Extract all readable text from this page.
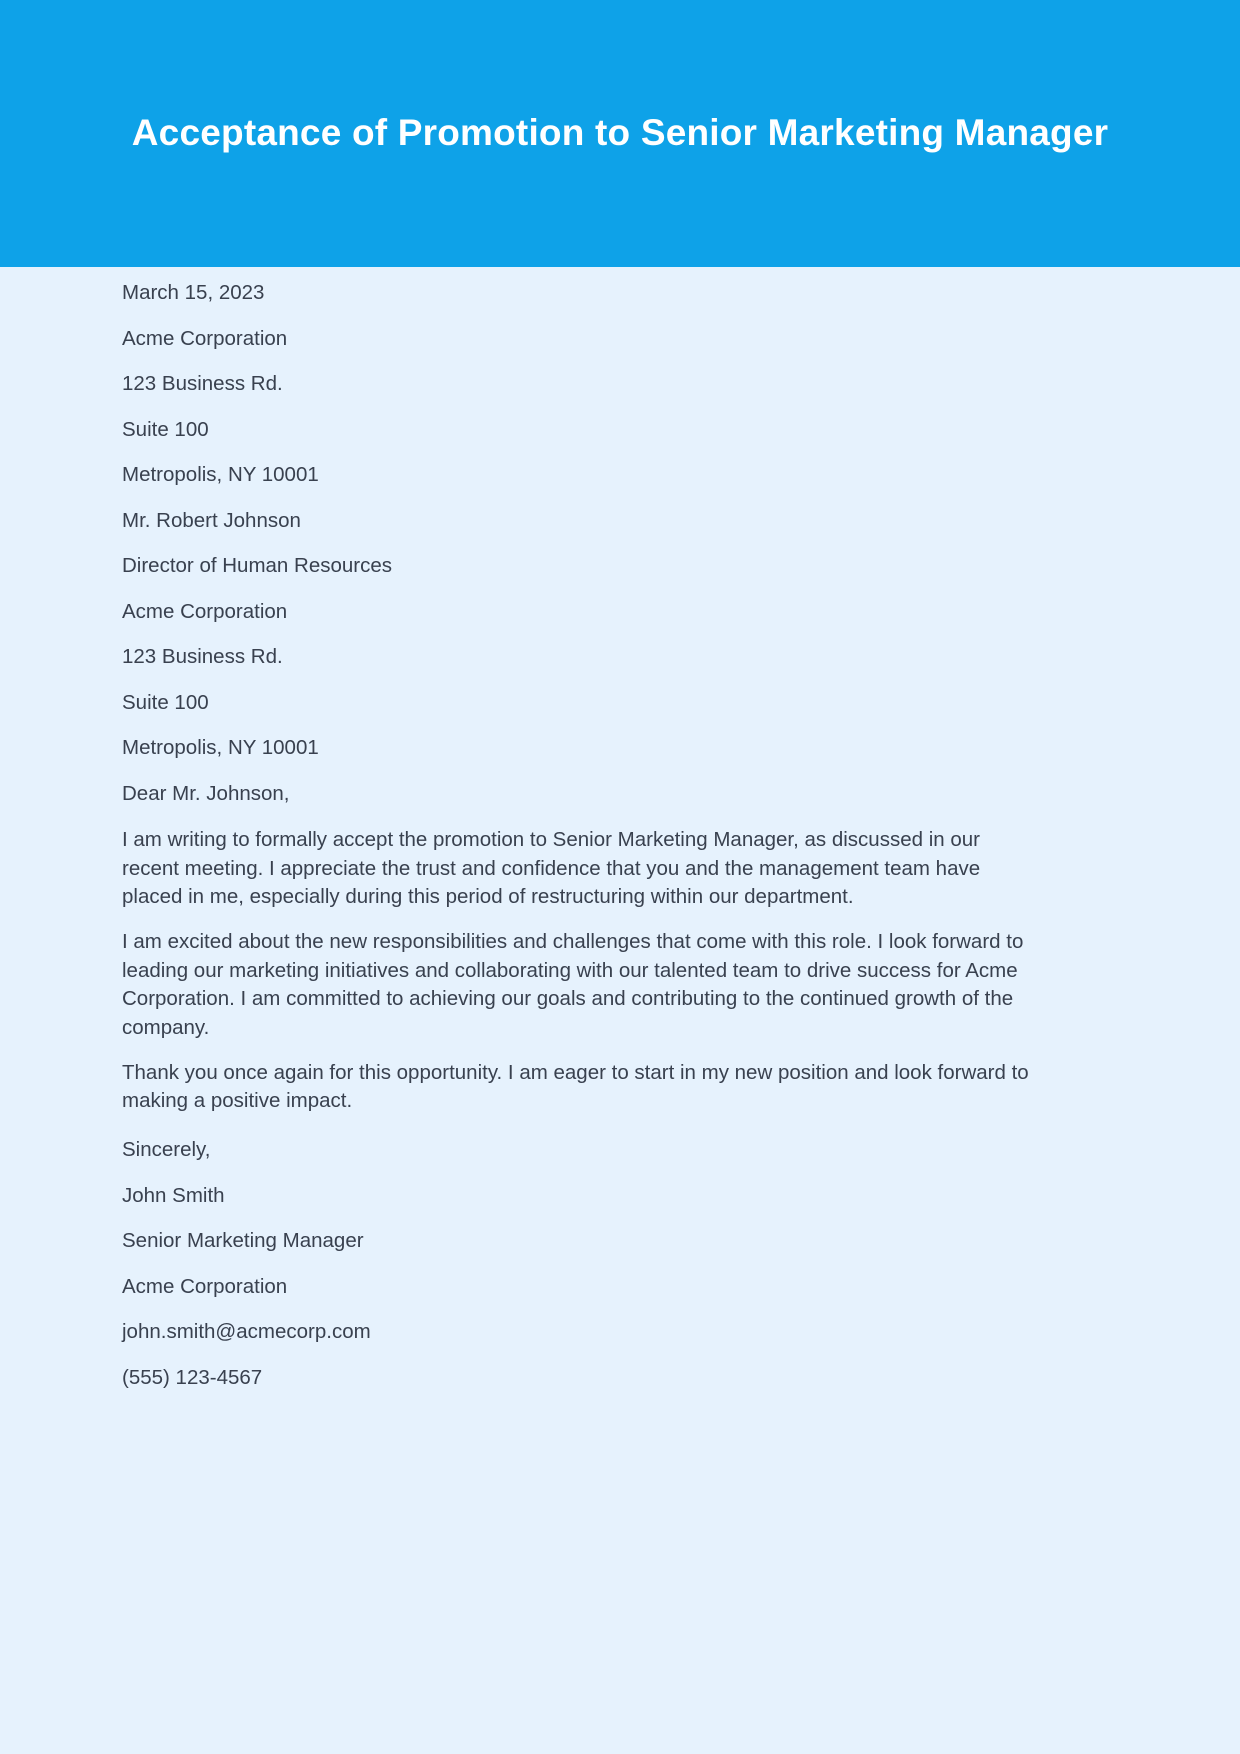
Acceptance of Promotion to Senior Marketing Manager

March 15, 2023

Acme Corporation

123 Business Rd.

Suite 100

Metropolis, NY 10001

Mr. Robert Johnson

Director of Human Resources

Acme Corporation

123 Business Rd.

Suite 100

Metropolis, NY 10001

Dear Mr. Johnson,

I am writing to formally accept the promotion to Senior Marketing Manager, as discussed in our recent meeting. I appreciate the trust and confidence that you and the management team have placed in me, especially during this period of restructuring within our department.

I am excited about the new responsibilities and challenges that come with this role. I look forward to leading our marketing initiatives and collaborating with our talented team to drive success for Acme Corporation. I am committed to achieving our goals and contributing to the continued growth of the company.

Thank you once again for this opportunity. I am eager to start in my new position and look forward to making a positive impact.

Sincerely,

John Smith

Senior Marketing Manager

Acme Corporation

john.smith@acmecorp.com

(555) 123-4567
